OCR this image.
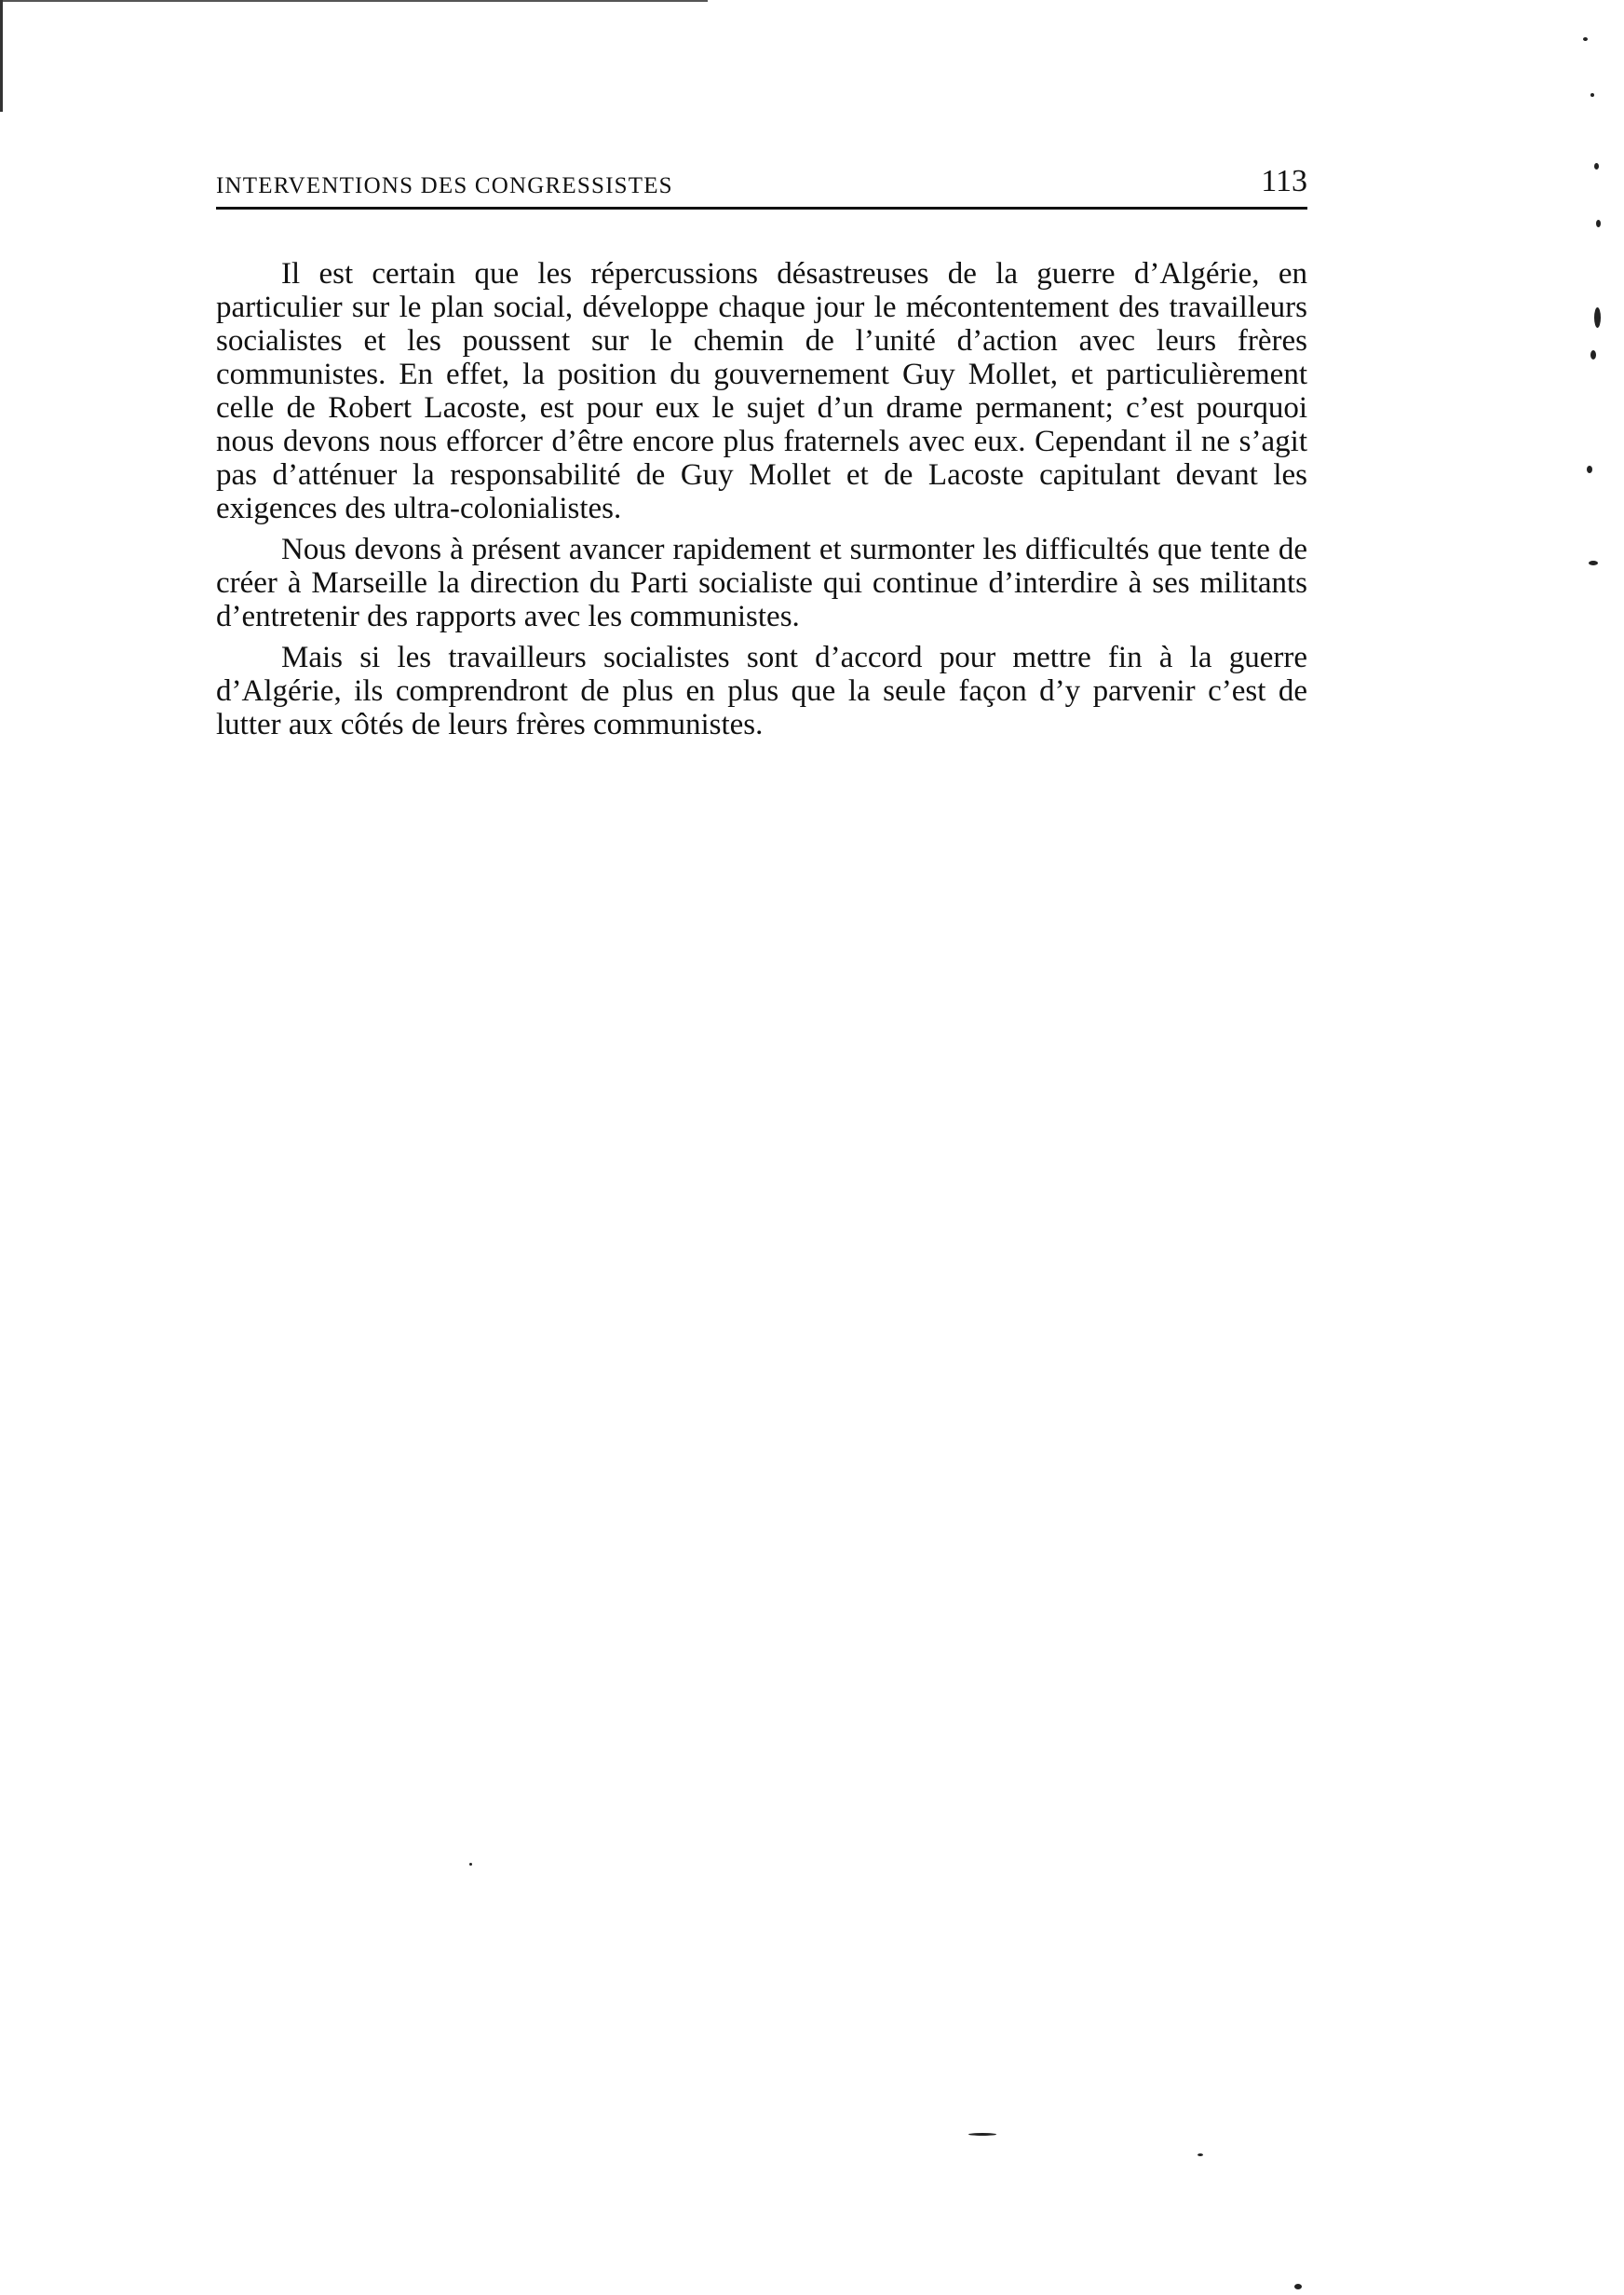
INTERVENTIONS DES CONGRESSISTES	113

Il est certain que les répercussions désastreuses de la guerre d’Algérie, en particulier sur le plan social, développe chaque jour le mécontentement des travailleurs socialistes et les poussent sur le chemin de l’unité d’action avec leurs frères communistes. En effet, la position du gouvernement Guy Mollet, et particulièrement celle de Robert Lacoste, est pour eux le sujet d’un drame permanent; c’est pourquoi nous devons nous efforcer d’être encore plus fraternels avec eux. Cependant il ne s’agit pas d’atténuer la responsabilité de Guy Mollet et de Lacoste capitulant devant les exigences des ultra-colonialistes.

Nous devons à présent avancer rapidement et surmonter les difficultés que tente de créer à Marseille la direction du Parti socialiste qui continue d’interdire à ses militants d’entretenir des rapports avec les communistes.

Mais si les travailleurs socialistes sont d’accord pour mettre fin à la guerre d’Algérie, ils comprendront de plus en plus que la seule façon d’y parvenir c’est de lutter aux côtés de leurs frères communistes.
